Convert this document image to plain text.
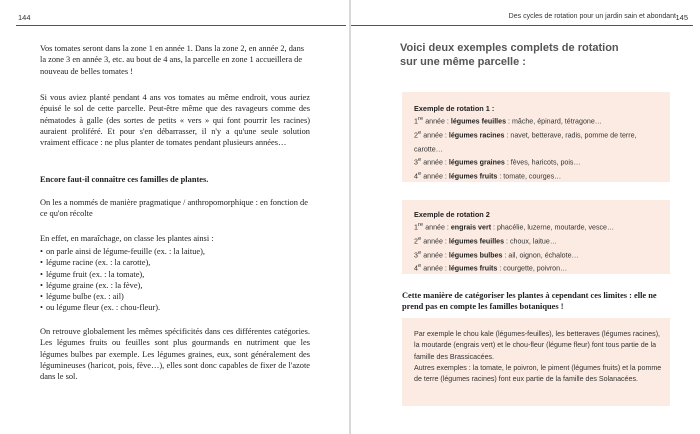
144

Vos tomates seront dans la zone 1 en année 1. Dans la zone 2, en année 2, dans la zone 3 en année 3, etc. au bout de 4 ans, la parcelle en zone 1 accueillera de nouveau de belles tomates !

Si vous aviez planté pendant 4 ans vos tomates au même endroit, vous auriez épuisé le sol de cette parcelle. Peut-être même que des ravageurs comme des nématodes à galle (des sortes de petits « vers » qui font pourrir les racines) auraient proliféré. Et pour s'en débarrasser, il n'y a qu'une seule solution vraiment efficace : ne plus planter de tomates pendant plusieurs années…

Encore faut-il connaître ces familles de plantes.

On les a nommés de manière pragmatique / anthropomorphique : en fonction de ce qu'on récolte

En effet, en maraîchage, on classe les plantes ainsi :

• on parle ainsi de légume-feuille (ex. : la laitue),
• légume racine (ex. : la carotte),
• légume fruit (ex. : la tomate),
• légume graine (ex. : la fève),
• légume bulbe (ex. : ail)
• ou légume fleur (ex. : chou-fleur).

On retrouve globalement les mêmes spécificités dans ces différentes catégories. Les légumes fruits ou feuilles sont plus gourmands en nutriment que les légumes bulbes par exemple. Les légumes graines, eux, sont généralement des légumineuses (haricot, pois, fève…), elles sont donc capables de fixer de l'azote dans le sol.

Des cycles de rotation pour un jardin sain et abondant 145
Voici deux exemples complets de rotation
sur une même parcelle :
Exemple de rotation 1 :
1re année : légumes feuilles : mâche, épinard, tétragone…
2e année : légumes racines : navet, betterave, radis, pomme de terre,
carotte…
3e année : légumes graines : fèves, haricots, pois…
4e année : légumes fruits : tomate, courges…
Exemple de rotation 2
1re année : engrais vert : phacélie, luzerne, moutarde, vesce…
2e année : légumes feuilles : choux, laitue…
3e année : légumes bulbes : ail, oignon, échalote…
4e année : légumes fruits : courgette, poivron…

Cette manière de catégoriser les plantes à cependant ces limites : elle ne prend pas en compte les familles botaniques !

Par exemple le chou kale (légumes-feuilles), les betteraves (légumes racines), la moutarde (engrais vert) et le chou-fleur (légume fleur) font tous partie de la famille des Brassicacées.
Autres exemples : la tomate, le poivron, le piment (légumes fruits) et la pomme de terre (légumes racines) font eux partie de la famille des Solanacées.
